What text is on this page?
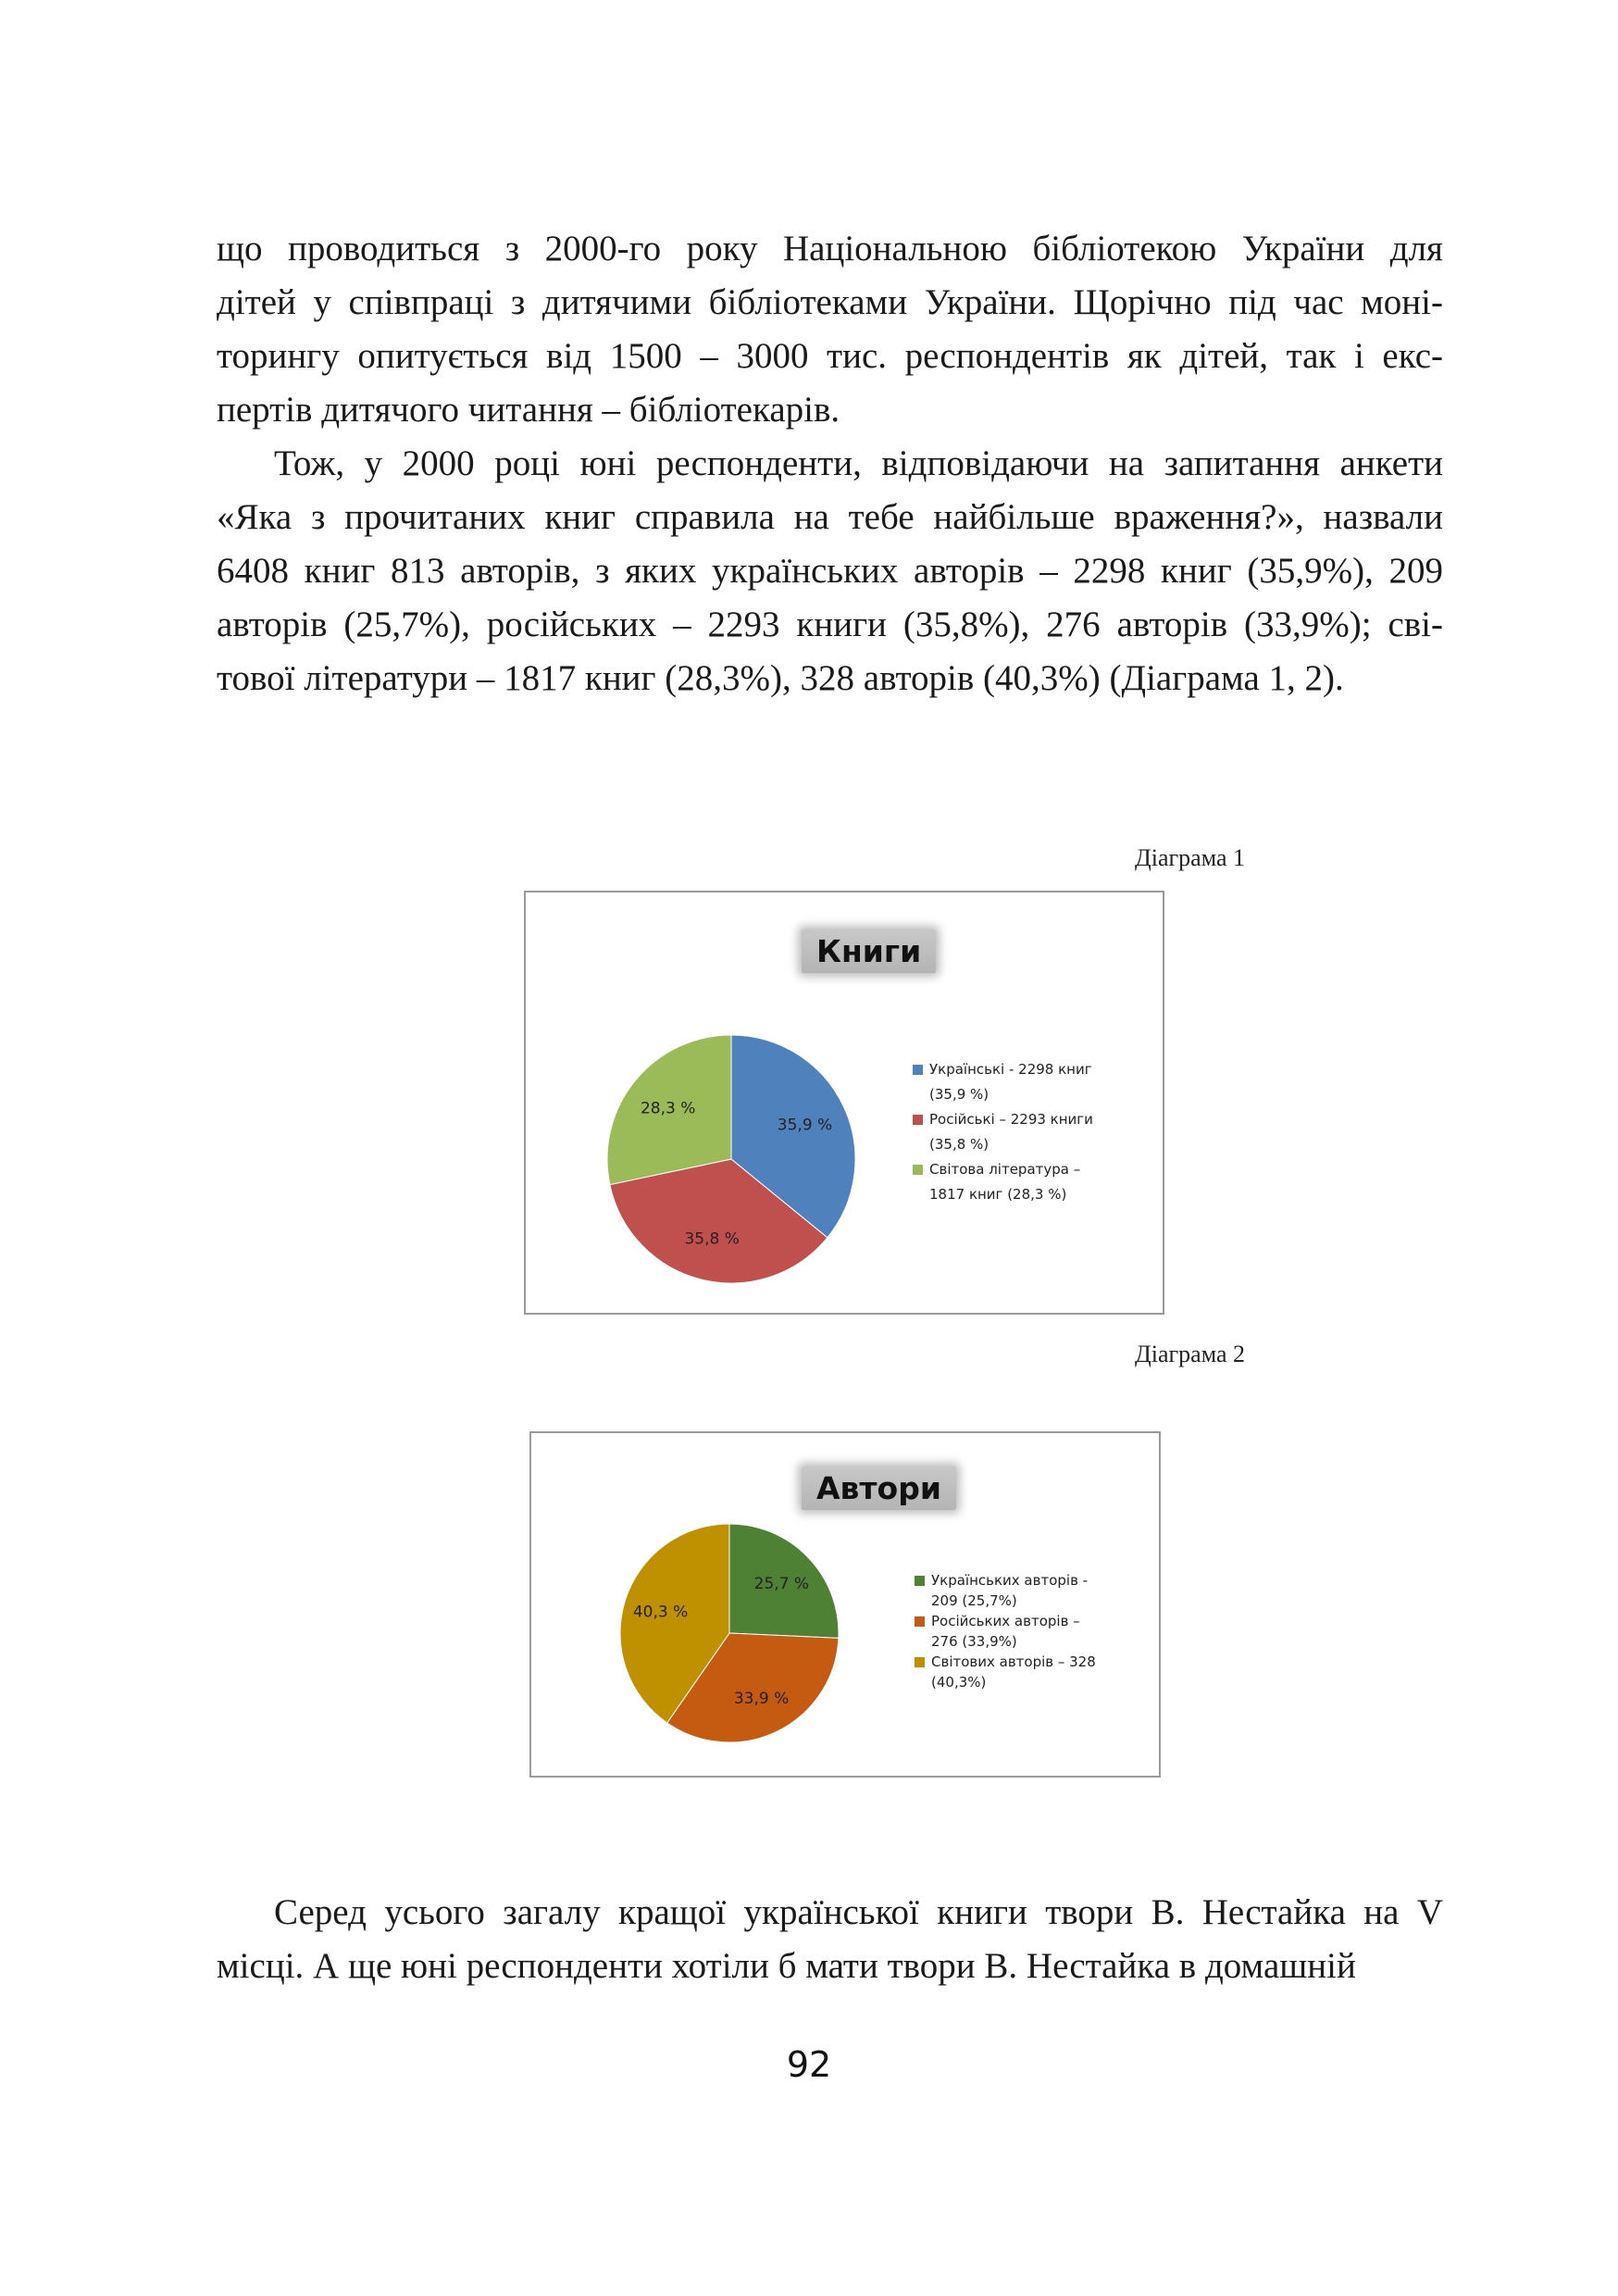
що проводиться з 2000-го року Національною бібліотекою України для
дітей у співпраці з дитячими бібліотеками України. Щорічно під час моні-
торингу опитується від 1500 – 3000 тис. респондентів як дітей, так і екс-
пертів дитячого читання – бібліотекарів.
Тож, у 2000 році юні респонденти, відповідаючи на запитання анкети
«Яка з прочитаних книг справила на тебе найбільше враження?», назвали
6408 книг 813 авторів, з яких українських авторів – 2298 книг (35,9%), 209
авторів (25,7%), російських – 2293 книги (35,8%), 276 авторів (33,9%); сві-
тової літератури – 1817 книг (28,3%), 328 авторів (40,3%) (Діаграма 1, 2).
Діаграма 1
35,9 %
35,8 %
28,3 %
Книги
Українські - 2298 книг
(35,9 %)
Російські – 2293 книги
(35,8 %)
Світова література –
1817 книг (28,3 %)
Діаграма 2
25,7 %
33,9 %
40,3 %
Автори
Українських авторів -
209 (25,7%)
Російських авторів –
276 (33,9%)
Світових авторів – 328
(40,3%)
Серед усього загалу кращої української книги твори В. Нестайка на V
місці. А ще юні респонденти хотіли б мати твори В. Нестайка в домашній
92
